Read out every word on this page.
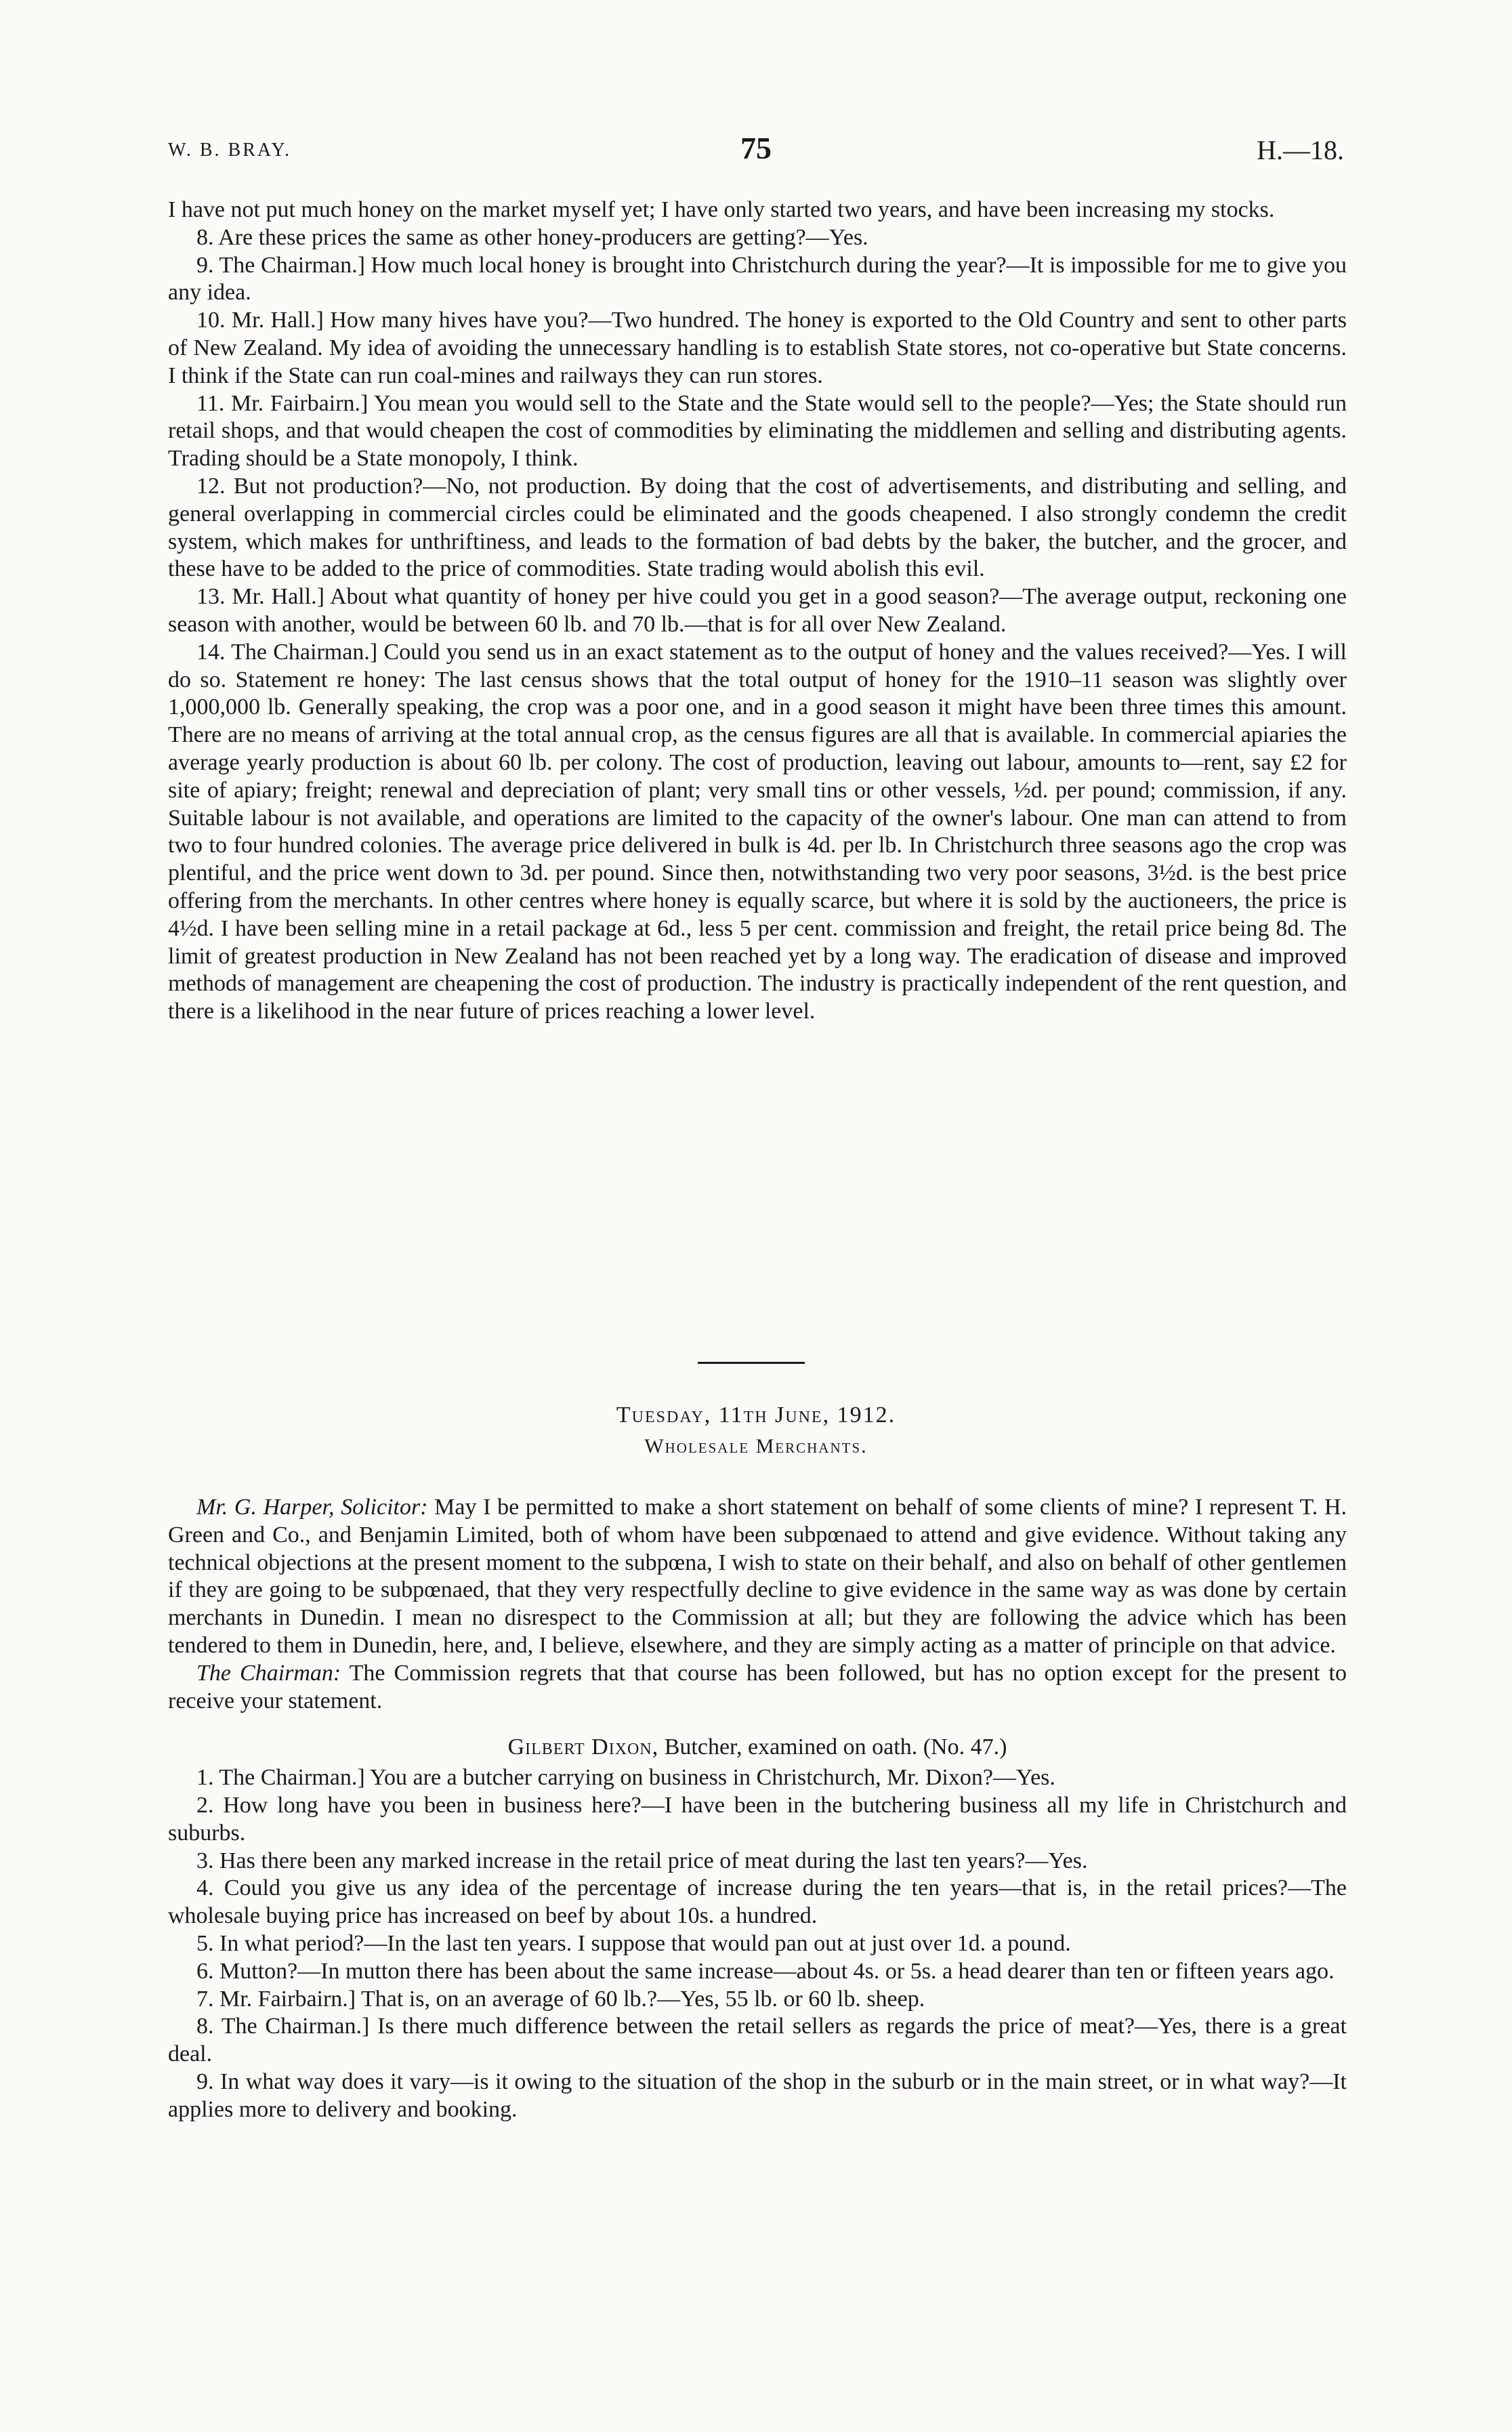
W. B. BRAY.	75	H.—18.

I have not put much honey on the market myself yet; I have only started two years, and have been increasing my stocks.

8. Are these prices the same as other honey-producers are getting?—Yes.

9. The Chairman.] How much local honey is brought into Christchurch during the year?—It is impossible for me to give you any idea.

10. Mr. Hall.] How many hives have you?—Two hundred. The honey is exported to the Old Country and sent to other parts of New Zealand. My idea of avoiding the unnecessary handling is to establish State stores, not co-operative but State concerns. I think if the State can run coal-mines and railways they can run stores.

11. Mr. Fairbairn.] You mean you would sell to the State and the State would sell to the people?—Yes; the State should run retail shops, and that would cheapen the cost of commodities by eliminating the middlemen and selling and distributing agents. Trading should be a State monopoly, I think.

12. But not production?—No, not production. By doing that the cost of advertisements, and distributing and selling, and general overlapping in commercial circles could be eliminated and the goods cheapened. I also strongly condemn the credit system, which makes for unthriftiness, and leads to the formation of bad debts by the baker, the butcher, and the grocer, and these have to be added to the price of commodities. State trading would abolish this evil.

13. Mr. Hall.] About what quantity of honey per hive could you get in a good season?—The average output, reckoning one season with another, would be between 60 lb. and 70 lb.—that is for all over New Zealand.

14. The Chairman.] Could you send us in an exact statement as to the output of honey and the values received?—Yes. I will do so. Statement re honey: The last census shows that the total output of honey for the 1910–11 season was slightly over 1,000,000 lb. Generally speaking, the crop was a poor one, and in a good season it might have been three times this amount. There are no means of arriving at the total annual crop, as the census figures are all that is available. In commercial apiaries the average yearly production is about 60 lb. per colony. The cost of production, leaving out labour, amounts to—rent, say £2 for site of apiary; freight; renewal and depreciation of plant; very small tins or other vessels, ½d. per pound; commission, if any. Suitable labour is not available, and operations are limited to the capacity of the owner's labour. One man can attend to from two to four hundred colonies. The average price delivered in bulk is 4d. per lb. In Christchurch three seasons ago the crop was plentiful, and the price went down to 3d. per pound. Since then, notwithstanding two very poor seasons, 3½d. is the best price offering from the merchants. In other centres where honey is equally scarce, but where it is sold by the auctioneers, the price is 4½d. I have been selling mine in a retail package at 6d., less 5 per cent. commission and freight, the retail price being 8d. The limit of greatest production in New Zealand has not been reached yet by a long way. The eradication of disease and improved methods of management are cheapening the cost of production. The industry is practically independent of the rent question, and there is a likelihood in the near future of prices reaching a lower level.

Tuesday, 11th June, 1912.
Wholesale Merchants.

Mr. G. Harper, Solicitor: May I be permitted to make a short statement on behalf of some clients of mine? I represent T. H. Green and Co., and Benjamin Limited, both of whom have been subpœnaed to attend and give evidence. Without taking any technical objections at the present moment to the subpœna, I wish to state on their behalf, and also on behalf of other gentlemen if they are going to be subpœnaed, that they very respectfully decline to give evidence in the same way as was done by certain merchants in Dunedin. I mean no disrespect to the Commission at all; but they are following the advice which has been tendered to them in Dunedin, here, and, I believe, elsewhere, and they are simply acting as a matter of principle on that advice.

The Chairman: The Commission regrets that that course has been followed, but has no option except for the present to receive your statement.

Gilbert Dixon, Butcher, examined on oath. (No. 47.)

1. The Chairman.] You are a butcher carrying on business in Christchurch, Mr. Dixon?—Yes.

2. How long have you been in business here?—I have been in the butchering business all my life in Christchurch and suburbs.

3. Has there been any marked increase in the retail price of meat during the last ten years?—Yes.

4. Could you give us any idea of the percentage of increase during the ten years—that is, in the retail prices?—The wholesale buying price has increased on beef by about 10s. a hundred.

5. In what period?—In the last ten years. I suppose that would pan out at just over 1d. a pound.

6. Mutton?—In mutton there has been about the same increase—about 4s. or 5s. a head dearer than ten or fifteen years ago.

7. Mr. Fairbairn.] That is, on an average of 60 lb.?—Yes, 55 lb. or 60 lb. sheep.

8. The Chairman.] Is there much difference between the retail sellers as regards the price of meat?—Yes, there is a great deal.

9. In what way does it vary—is it owing to the situation of the shop in the suburb or in the main street, or in what way?—It applies more to delivery and booking.
